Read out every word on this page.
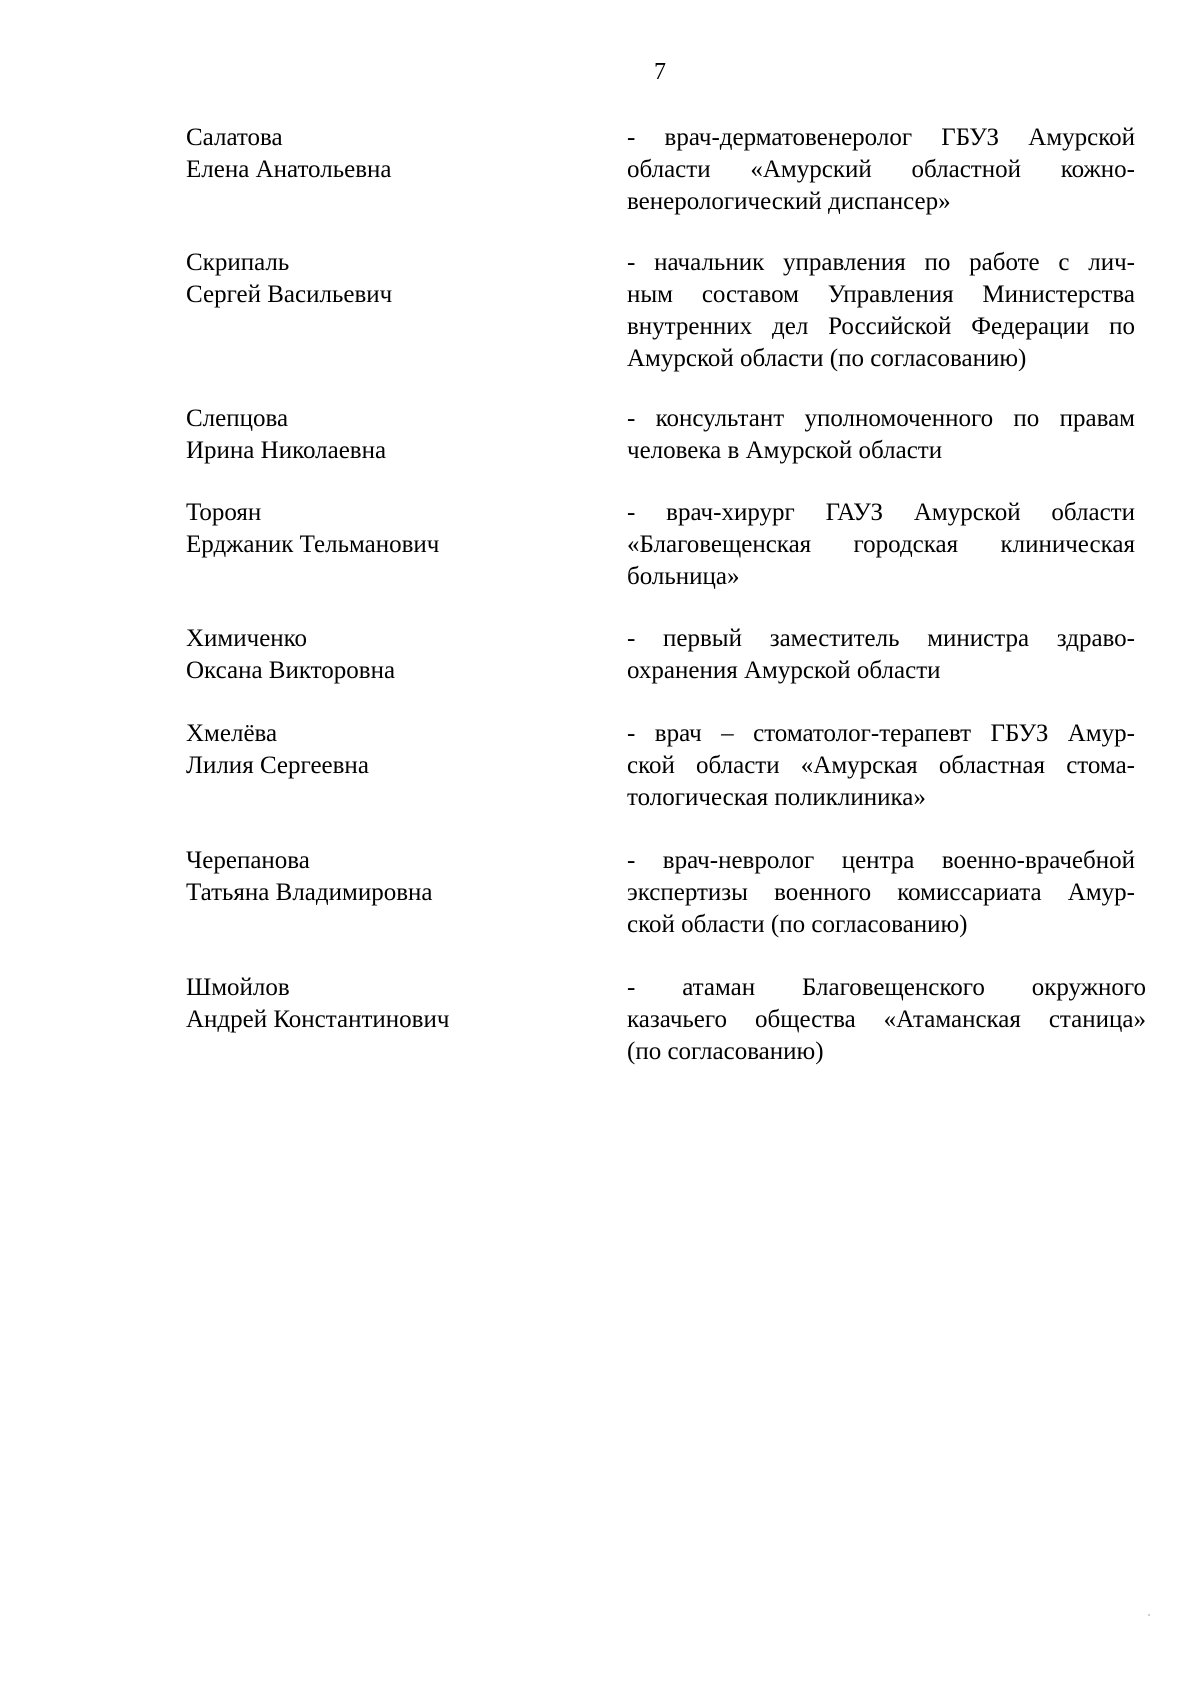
7
Салатова
Елена Анатольевна
- врач-дерматовенеролог ГБУЗ Амурской
области «Амурский областной кожно-
венерологический диспансер»
Скрипаль
Сергей Васильевич
- начальник управления по работе с лич-
ным составом Управления Министерства
внутренних дел Российской Федерации по
Амурской области (по согласованию)
Слепцова
Ирина Николаевна
- консультант уполномоченного по правам
человека в Амурской области
Тороян
Ерджаник Тельманович
- врач-хирург ГАУЗ Амурской области
«Благовещенская городская клиническая
больница»
Химиченко
Оксана Викторовна
- первый заместитель министра здраво-
охранения Амурской области
Хмелёва
Лилия Сергеевна
- врач – стоматолог-терапевт ГБУЗ Амур-
ской области «Амурская областная стома-
тологическая поликлиника»
Черепанова
Татьяна Владимировна
- врач-невролог центра военно-врачебной
экспертизы военного комиссариата Амур-
ской области (по согласованию)
Шмойлов
Андрей Константинович
- атаман Благовещенского окружного
казачьего общества «Атаманская станица»
(по согласованию)
